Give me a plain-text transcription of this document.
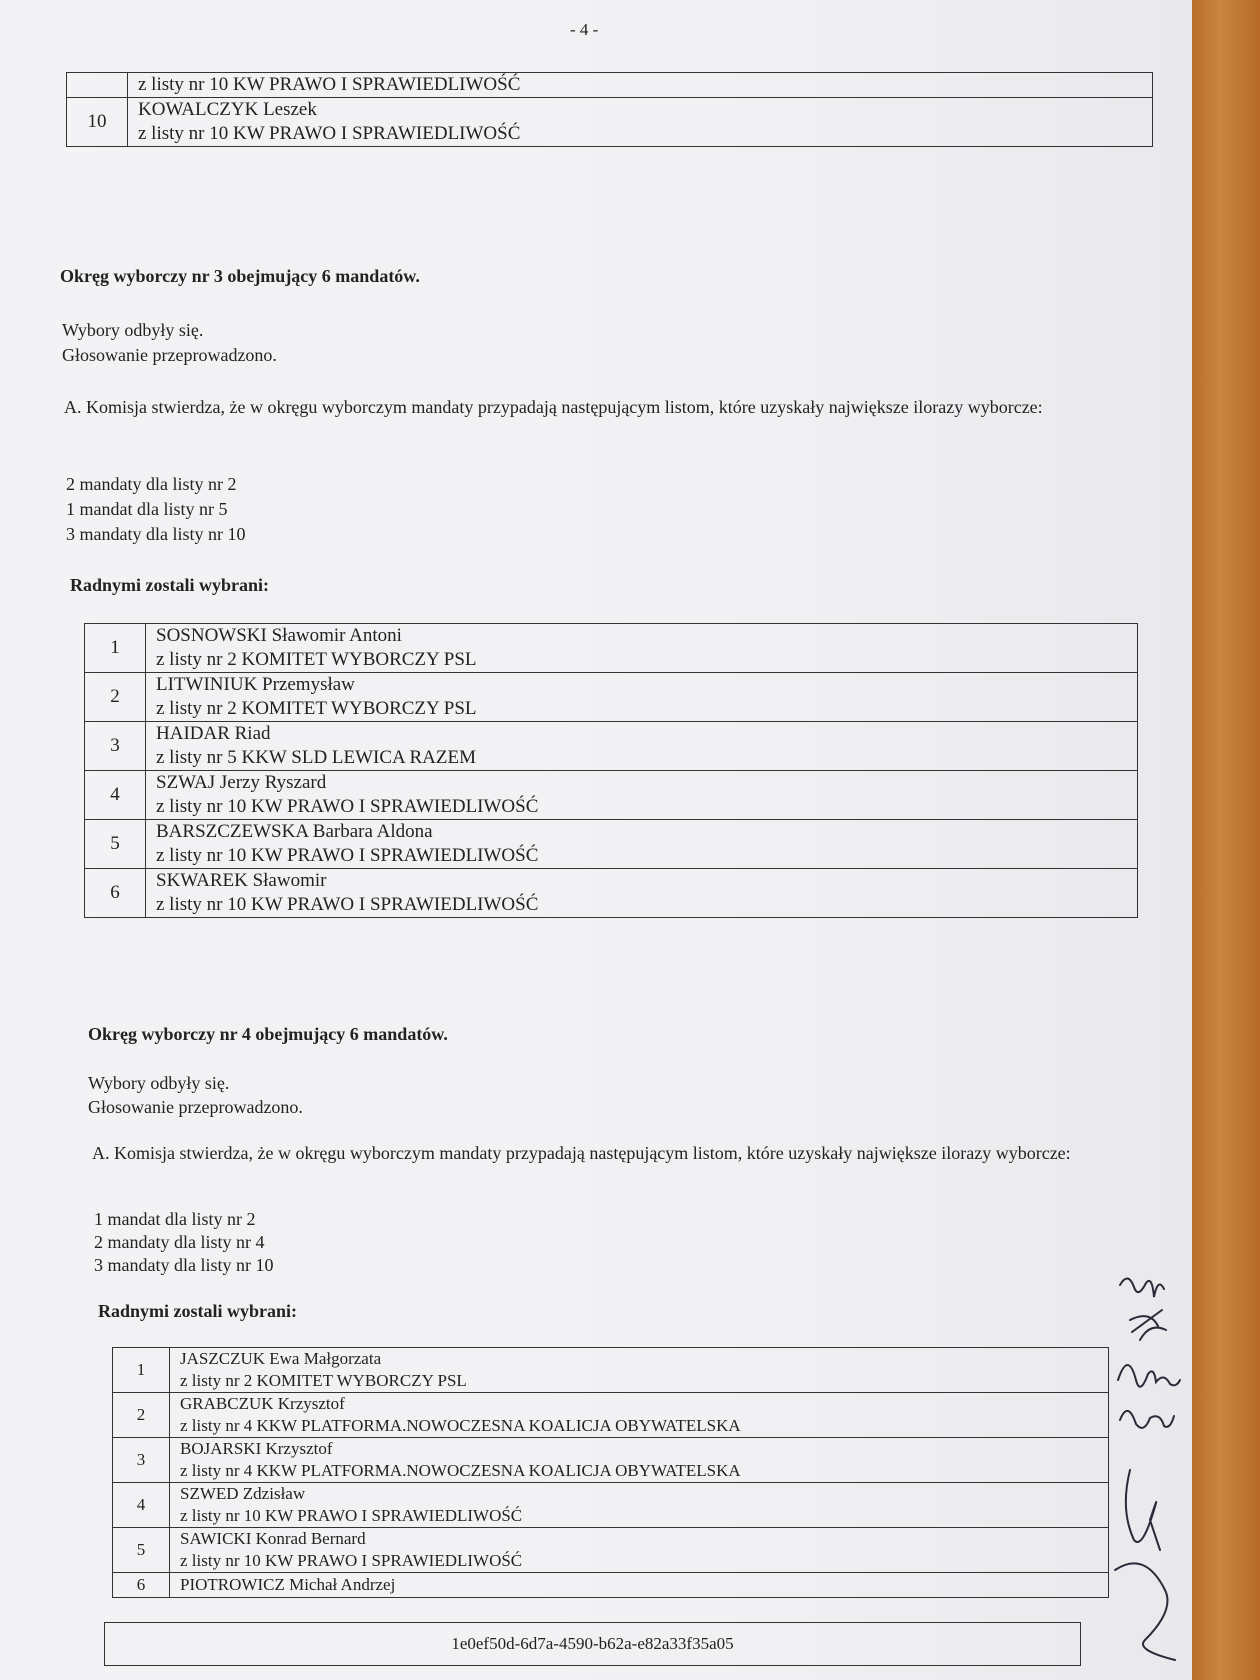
- 4 -
	z listy nr 10 KW PRAWO I SPRAWIEDLIWOŚĆ
10	KOWALCZYK Leszek
z listy nr 10 KW PRAWO I SPRAWIEDLIWOŚĆ
Okręg wyborczy nr 3 obejmujący 6 mandatów.

Wybory odbyły się.

Głosowanie przeprowadzono.

A. Komisja stwierdza, że w okręgu wyborczym mandaty przypadają następującym listom, które uzyskały największe ilorazy wyborcze:

2 mandaty dla listy nr 2

1 mandat dla listy nr 5

3 mandaty dla listy nr 10

Radnymi zostali wybrani:
1	SOSNOWSKI Sławomir Antoni
z listy nr 2 KOMITET WYBORCZY PSL

2	LITWINIUK Przemysław
z listy nr 2 KOMITET WYBORCZY PSL

3	HAIDAR Riad
z listy nr 5 KKW SLD LEWICA RAZEM

4	SZWAJ Jerzy Ryszard
z listy nr 10 KW PRAWO I SPRAWIEDLIWOŚĆ

5	BARSZCZEWSKA Barbara Aldona
z listy nr 10 KW PRAWO I SPRAWIEDLIWOŚĆ

6	SKWAREK Sławomir
z listy nr 10 KW PRAWO I SPRAWIEDLIWOŚĆ
Okręg wyborczy nr 4 obejmujący 6 mandatów.

Wybory odbyły się.

Głosowanie przeprowadzono.

A. Komisja stwierdza, że w okręgu wyborczym mandaty przypadają następującym listom, które uzyskały największe ilorazy wyborcze:

1 mandat dla listy nr 2

2 mandaty dla listy nr 4

3 mandaty dla listy nr 10

Radnymi zostali wybrani:
1	JASZCZUK Ewa Małgorzata
z listy nr 2 KOMITET WYBORCZY PSL

2	GRABCZUK Krzysztof
z listy nr 4 KKW PLATFORMA.NOWOCZESNA KOALICJA OBYWATELSKA

3	BOJARSKI Krzysztof
z listy nr 4 KKW PLATFORMA.NOWOCZESNA KOALICJA OBYWATELSKA

4	SZWED Zdzisław
z listy nr 10 KW PRAWO I SPRAWIEDLIWOŚĆ

5	SAWICKI Konrad Bernard
z listy nr 10 KW PRAWO I SPRAWIEDLIWOŚĆ

6	PIOTROWICZ Michał Andrzej
1e0ef50d-6d7a-4590-b62a-e82a33f35a05
